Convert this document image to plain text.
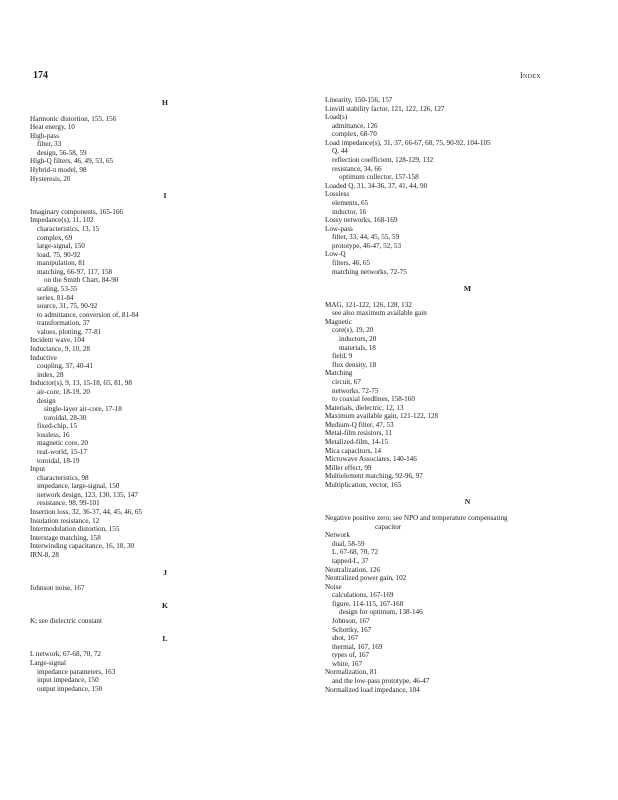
174	Index
H
Harmonic distortion, 155, 156
Heat energy, 10
High-pass
filter, 33
design, 56-58, 59
High-Q filters, 46, 49, 53, 65
Hybrid-π model, 98
Hysteresis, 20
I
Imaginary components, 165-166
Impedance(s), 11, 102
characteristics, 13, 15
complex, 69
large-signal, 150
load, 75, 90-92
manipulation, 81
matching, 66-97, 117, 158
on the Smith Chart, 84-90
scaling, 53-55
series, 81-84
source, 31, 75, 90-92
to admittance, conversion of, 81-84
transformation, 37
values, plotting, 77-81
Incident wave, 104
Inductance, 9, 10, 28
Inductive
coupling, 37, 40-41
index, 28
Inductor(s), 9, 13, 15-18, 65, 81, 98
air-core, 18-19, 20
design
single-layer air-core, 17-18
toroidal, 28-30
fixed-chip, 15
lossless, 16
magnetic core, 20
real-world, 15-17
toroidal, 18-19
Input
characteristics, 98
impedance, large-signal, 150
network design, 123, 130, 135, 147
resistance, 98, 99-101
Insertion loss, 32, 36-37, 44, 45, 46, 65
Insulation resistance, 12
Intermodulation distortion, 155
Interstage matching, 158
Interwinding capacitance, 16, 18, 30
IRN-8, 28
J
Johnson noise, 167
K
K; see dielectric constant
L
L network, 67-68, 70, 72
Large-signal
impedance parameters, 163
input impedance, 150
output impedance, 150
Linearity, 150-156, 157
Linvill stability factor, 121, 122, 126, 127
Load(s)
admittance, 126
complex, 68-70
Load impedance(s), 31, 37, 66-67, 68, 75, 90-92, 104-105
Q, 44
reflection coefficient, 128-129, 132
resistance, 34, 66
optimum collector, 157-158
Loaded Q, 31, 34-36, 37, 41, 44, 90
Lossless
elements, 65
inductor, 16
Lossy networks, 168-169
Low-pass
filter, 33, 44, 45, 55, 59
prototype, 46-47, 52, 53
Low-Q
filters, 46, 65
matching networks, 72-75
M
MAG, 121-122, 126, 128, 132
see also maximum available gain
Magnetic
core(s), 19, 20
inductors, 20
materials, 18
field, 9
flux density, 18
Matching
circuit, 67
networks, 72-75
to coaxial feedlines, 158-160
Materials, dielectric, 12, 13
Maximum available gain, 121-122, 128
Medium-Q filter, 47, 53
Metal-film resistors, 11
Metalized-film, 14-15
Mica capacitors, 14
Microwave Associates, 140-146
Miller effect, 99
Multielement matching, 92-96, 97
Multiplication, vector, 165
N
Negative positive zero; see NPO and temperature compensating
capacitor
Network
dual, 58-59
L, 67-68, 70, 72
tapped-L, 37
Neutralization, 126
Neutralized power gain, 102
Noise
calculations, 167-169
figure, 114-115, 167-168
design for optimum, 138-146
Johnson, 167
Schottky, 167
shot, 167
thermal, 167, 169
types of, 167
white, 167
Normalization, 81
and the low-pass prototype, 46-47
Normalized load impedance, 104
